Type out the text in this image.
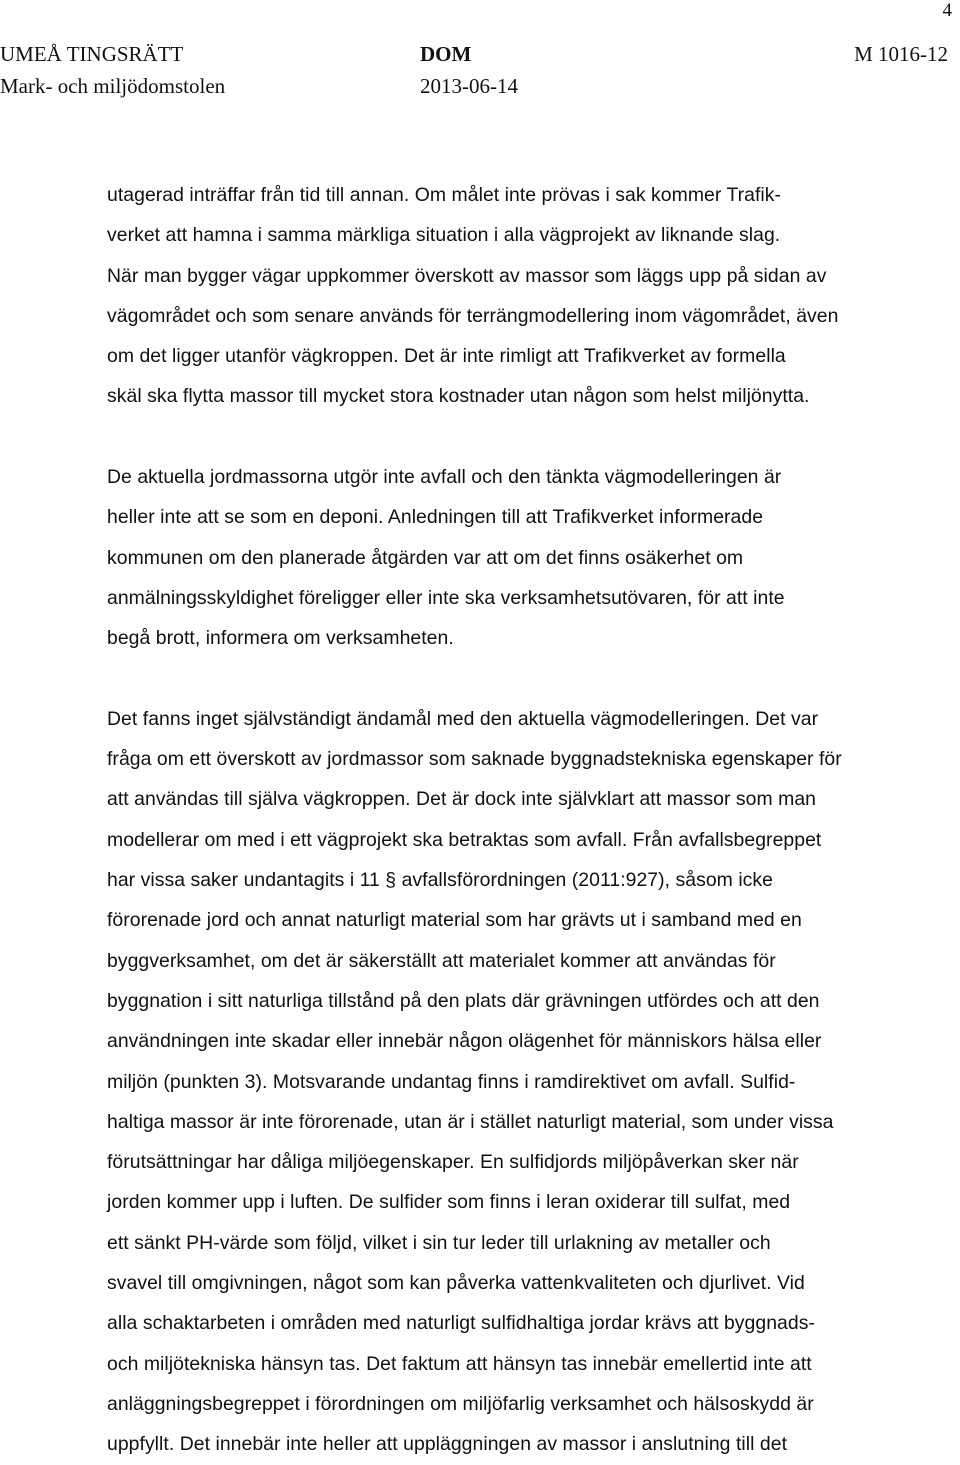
4
UMEÅ TINGSRÄTT
Mark- och miljödomstolen
DOM
2013-06-14
M 1016-12
utagerad inträffar från tid till annan. Om målet inte prövas i sak kommer Trafik-
verket att hamna i samma märkliga situation i alla vägprojekt av liknande slag.
När man bygger vägar uppkommer överskott av massor som läggs upp på sidan av
vägområdet och som senare används för terrängmodellering inom vägområdet, även
om det ligger utanför vägkroppen. Det är inte rimligt att Trafikverket av formella
skäl ska flytta massor till mycket stora kostnader utan någon som helst miljönytta.
De aktuella jordmassorna utgör inte avfall och den tänkta vägmodelleringen är
heller inte att se som en deponi. Anledningen till att Trafikverket informerade
kommunen om den planerade åtgärden var att om det finns osäkerhet om
anmälningsskyldighet föreligger eller inte ska verksamhetsutövaren, för att inte
begå brott, informera om verksamheten.
Det fanns inget självständigt ändamål med den aktuella vägmodelleringen. Det var
fråga om ett överskott av jordmassor som saknade byggnadstekniska egenskaper för
att användas till själva vägkroppen. Det är dock inte självklart att massor som man
modellerar om med i ett vägprojekt ska betraktas som avfall. Från avfallsbegreppet
har vissa saker undantagits i 11 § avfallsförordningen (2011:927), såsom icke
förorenade jord och annat naturligt material som har grävts ut i samband med en
byggverksamhet, om det är säkerställt att materialet kommer att användas för
byggnation i sitt naturliga tillstånd på den plats där grävningen utfördes och att den
användningen inte skadar eller innebär någon olägenhet för människors hälsa eller
miljön (punkten 3). Motsvarande undantag finns i ramdirektivet om avfall. Sulfid-
haltiga massor är inte förorenade, utan är i stället naturligt material, som under vissa
förutsättningar har dåliga miljöegenskaper. En sulfidjords miljöpåverkan sker när
jorden kommer upp i luften. De sulfider som finns i leran oxiderar till sulfat, med
ett sänkt PH-värde som följd, vilket i sin tur leder till urlakning av metaller och
svavel till omgivningen, något som kan påverka vattenkvaliteten och djurlivet. Vid
alla schaktarbeten i områden med naturligt sulfidhaltiga jordar krävs att byggnads-
och miljötekniska hänsyn tas. Det faktum att hänsyn tas innebär emellertid inte att
anläggningsbegreppet i förordningen om miljöfarlig verksamhet och hälsoskydd är
uppfyllt. Det innebär inte heller att uppläggningen av massor i anslutning till det
